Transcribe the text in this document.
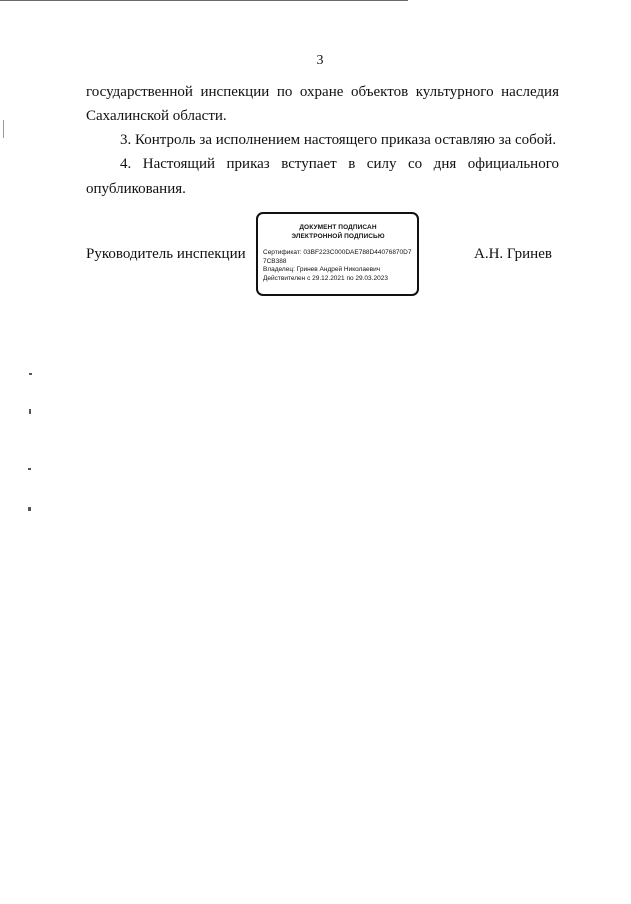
3
государственной инспекции по охране объектов культурного наследия
Сахалинской области.
3. Контроль за исполнением настоящего приказа оставляю за собой.
4. Настоящий приказ вступает в силу со дня официального
опубликования.
Руководитель инспекции
ДОКУМЕНТ ПОДПИСАН
ЭЛЕКТРОННОЙ ПОДПИСЬЮ
Сертификат: 03BF223C000DAE788D44076870D77CB388
Владелец: Гринев Андрей Николаевич
Действителен с 29.12.2021 по 29.03.2023
А.Н. Гринев
